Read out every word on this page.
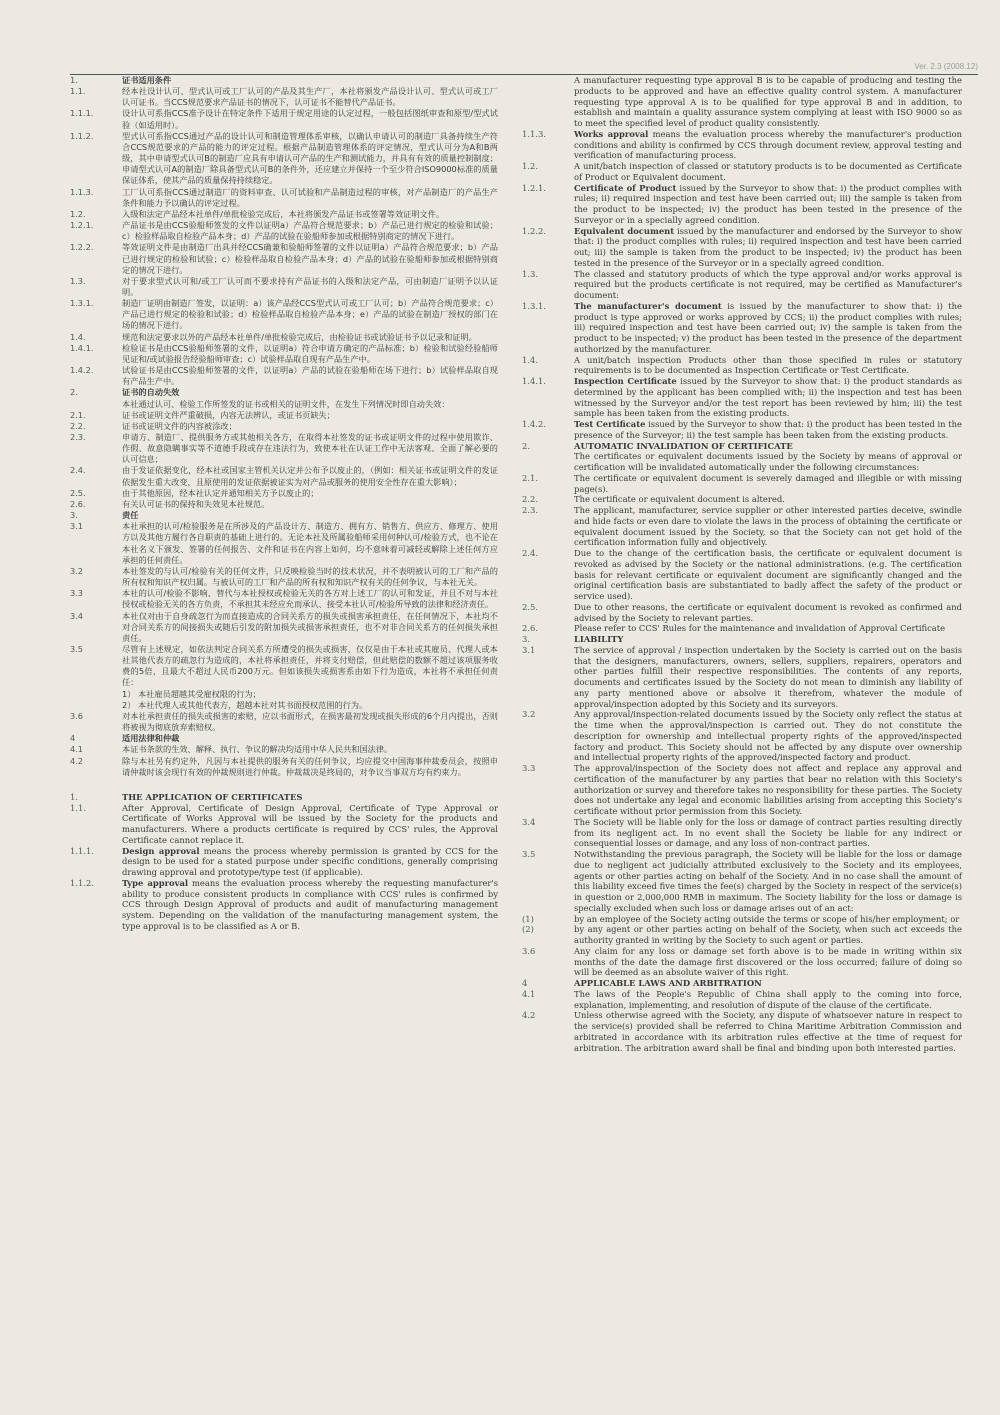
Ver. 2.3 (2008.12)
1.	证书适用条件
1.1.	经本社设计认可、型式认可或工厂认可的产品及其生产厂，本社将颁发产品设计认可、型式认可或工厂认可证书。当CCS规范要求产品证书的情况下，认可证书不能替代产品证书。
1.1.1.	设计认可系指CCS准予设计在特定条件下适用于规定用途的认定过程，一般包括图纸审查和原型/型式试验（如适用时）。
1.1.2.	型式认可系指CCS通过产品的设计认可和制造管理体系审核，以确认申请认可的制造厂具备持续生产符合CCS规范要求的产品的能力的评定过程。根据产品制造管理体系的评定情况，型式认可分为A和B两级，其中申请型式认可B的制造厂应具有申请认可产品的生产和测试能力，并具有有效的质量控制制度；申请型式认可A的制造厂除具备型式认可B的条件外，还应建立并保持一个至少符合ISO9000标准的质量保证体系，使其产品的质量保持持续稳定。
1.1.3.	工厂认可系指CCS通过制造厂的资料审查、认可试验和产品制造过程的审核，对产品制造厂的产品生产条件和能力予以确认的评定过程。
1.2.	入级和法定产品经本社单件/单批检验完成后，本社将颁发产品证书或签署等效证明文件。
1.2.1.	产品证书是由CCS验船师签发的文件以证明a）产品符合规范要求；b）产品已进行规定的检验和试验；c）检验样品取自检验产品本身；d）产品的试验在验船师参加或根据特别商定的情况下进行。
1.2.2.	等效证明文件是由制造厂出具并经CCS确兼和验船师签署的文件以证明a）产品符合规范要求；b）产品已进行规定的检验和试验；c）检验样品取自检验产品本身；d）产品的试验在验船师参加或根据特别商定的情况下进行。
1.3.	对于要求型式认可和/或工厂认可而不要求持有产品证书的入级和法定产品，可由制造厂证明予以认证明。
1.3.1.	制造厂证明由制造厂签发，以证明：a）该产品经CCS型式认可或工厂认可；b）产品符合规范要求；c）产品已进行规定的检验和试验；d）检验样品取自检验产品本身；e）产品的试验在制造厂授权的部门在场的情况下进行。
1.4.	规范和法定要求以外的产品经本社单件/单批检验完成后，由检验证书或试验证书予以记录和证明。
1.4.1.	检验证书是由CCS验船师签署的文件，以证明a）符合申请方确定的产品标准；b）检验和试验经验船师见证和/或试验报告经验船师审查；c）试验样品取自现有产品生产中。
1.4.2.	试验证书是由CCS验船师签署的文件，以证明a）产品的试验在验船师在场下进行；b）试验样品取自现有产品生产中。
2.	证书的自动失效
本社通过认可、检验工作所签发的证书或相关的证明文件，在发生下列情况时即自动失效：
2.1.	证书或证明文件严重破损，内容无法辨认，或证书页缺失；
2.2.	证书或证明文件的内容被涂改；
2.3.	申请方、制造厂、提供服务方或其他相关各方，在取得本社签发的证书或证明文件的过程中使用欺诈、作假、故意隐瞒事实等不道德手段或存在违法行为，致使本社在认证工作中无法客观、全面了解必要的认可信息；
2.4.	由于发证依据变化，经本社或国家主管机关认定并公布予以废止的，（例如：相关证书或证明文件的发证依据发生重大改变，且原使用的发证依据被证实为对产品或服务的使用安全性存在重大影响）；
2.5.	由于其他原因，经本社认定并通知相关方予以废止的；
2.6.	有关认可证书的保持和失效见本社规范。
3.	责任
3.1	本社承担的认可/检验服务是在所涉及的产品设计方、制造方、拥有方、销售方、供应方、修理方、使用方以及其他方履行各自职责的基础上进行的。无论本社及所属验船师采用何种认可/检验方式，也不论在本社名义下颁发、签署的任何报告、文件和证书在内容上如何，均不意味着可减轻或解除上述任何方应承担的任何责任。
3.2	本社签发的与认可/检验有关的任何文件，只反映检验当时的技术状况，并不表明被认可的工厂和产品的所有权和知识产权归属。与被认可的工厂和产品的所有权和知识产权有关的任何争议，与本社无关。
3.3	本社的认可/检验不影响、替代与本社授权或检验无关的各方对上述工厂的认可和发证，并且不对与本社授权或检验无关的各方负责，不承担其未经应允而承认、接受本社认可/检验所导致的法律和经济责任。
3.4	本社仅对由于自身疏忽行为而直接造成的合同关系方的损失或损害承担责任，在任何情况下，本社均不对合同关系方的间接损失或随后引发的附加损失或损害承担责任，也不对非合同关系方的任何损失承担责任。
3.5	尽管有上述规定，如依法判定合同关系方所遭受的损失或损害，仅仅是由于本社或其雇员、代理人或本社其他代表方的疏忽行为造成的，本社将承担责任，并将支付赔偿，但此赔偿的数额不超过该项服务收费的5倍，且最大不超过人民币200万元。但如该损失或损害系由如下行为造成，本社将不承担任何责任：
1） 本社雇员超越其受雇权限的行为；
2） 本社代理人或其他代表方，超越本社对其书面授权范围的行为。
3.6	对本社承担责任的损失或损害的索赔，应以书面形式，在损害最初发现或损失形成的6个月内提出，否则将被视为彻底放弃索赔权。
4	适用法律和仲裁
4.1	本证书条款的生效、解释、执行、争议的解决均适用中华人民共和国法律。
4.2	除与本社另有约定外，凡因与本社提供的服务有关的任何争议，均应提交中国海事仲裁委员会，按照申请仲裁时该会现行有效的仲裁规则进行仲裁。仲裁裁决是终局的，对争议当事双方均有约束力。
1.	THE APPLICATION OF CERTIFICATES
1.1.	After Approval, Certificate of Design Approval, Certificate of Type Approval or Certificate of Works Approval will be issued by the Society for the products and manufacturers. Where a products certificate is required by CCS' rules, the Approval Certificate cannot replace it.
1.1.1.	Design approval means the process whereby permission is granted by CCS for the design to be used for a stated purpose under specific conditions, generally comprising drawing approval and prototype/type test (if applicable).
1.1.2.	Type approval means the evaluation process whereby the requesting manufacturer's ability to produce consistent products in compliance with CCS' rules is confirmed by CCS through Design Approval of products and audit of manufacturing management system. Depending on the validation of the manufacturing management system, the type approval is to be classified as A or B.
A manufacturer requesting type approval B is to be capable of producing and testing the products to be approved and have an effective quality control system. A manufacturer requesting type approval A is to be qualified for type approval B and in addition, to establish and maintain a quality assurance system complying at least with ISO 9000 so as to meet the specified level of product quality consistently.
1.1.3.	Works approval means the evaluation process whereby the manufacturer's production conditions and ability is confirmed by CCS through document review, approval testing and verification of manufacturing process.
1.2.	A unit/batch inspection of classed or statutory products is to be documented as Certificate of Product or Equivalent document.
1.2.1.	Certificate of Product issued by the Surveyor to show that: i) the product complies with rules; ii) required inspection and test have been carried out; iii) the sample is taken from the product to be inspected; iv) the product has been tested in the presence of the Surveyor or in a specially agreed condition.
1.2.2.	Equivalent document issued by the manufacturer and endorsed by the Surveyor to show that: i) the product complies with rules; ii) required inspection and test have been carried out; iii) the sample is taken from the product to be inspected; iv) the product has been tested in the presence of the Surveyor or in a specially agreed condition.
1.3.	The classed and statutory products of which the type approval and/or works approval is required but the products certificate is not required, may be certified as Manufacturer's document:
1.3.1.	The manufacturer's document is issued by the manufacturer to show that: i) the product is type approved or works approved by CCS; ii) the product complies with rules; iii) required inspection and test have been carried out; iv) the sample is taken from the product to be inspected; v) the product has been tested in the presence of the department authorized by the manufacturer.
1.4.	A unit/batch inspection Products other than those specified in rules or statutory requirements is to be documented as Inspection Certificate or Test Certificate.
1.4.1.	Inspection Certificate issued by the Surveyor to show that: i) the product standards as determined by the applicant has been complied with; ii) the inspection and test has been witnessed by the Surveyor and/or the test report has been reviewed by him; iii) the test sample has been taken from the existing products.
1.4.2.	Test Certificate issued by the Surveyor to show that: i) the product has been tested in the presence of the Surveyor; ii) the test sample has been taken from the existing products.
2.	AUTOMATIC INVALIDATION OF CERTIFICATE
The certificates or equivalent documents issued by the Society by means of approval or certification will be invalidated automatically under the following circumstances:
2.1.	The certificate or equivalent document is severely damaged and illegible or with missing page(s).
2.2.	The certificate or equivalent document is altered.
2.3.	The applicant, manufacturer, service supplier or other interested parties deceive, swindle and hide facts or even dare to violate the laws in the process of obtaining the certificate or equivalent document issued by the Society, so that the Society can not get hold of the certification information fully and objectively.
2.4.	Due to the change of the certification basis, the certificate or equivalent document is revoked as advised by the Society or the national administrations. (e.g. The certification basis for relevant certificate or equivalent document are significantly changed and the original certification basis are substantiated to badly affect the safety of the product or service used).
2.5.	Due to other reasons, the certificate or equivalent document is revoked as confirmed and advised by the Society to relevant parties.
2.6.	Please refer to CCS' Rules for the maintenance and invalidation of Approval Certificate
3.	LIABILITY
3.1	The service of approval / inspection undertaken by the Society is carried out on the basis that the designers, manufacturers, owners, sellers, suppliers, repairers, operators and other parties fulfill their respective responsibilities. The contents of any reports, documents and certificates issued by the Society do not mean to diminish any liability of any party mentioned above or absolve it therefrom, whatever the module of approval/inspection adopted by this Society and its surveyors.
3.2	Any approval/inspection-related documents issued by the Society only reflect the status at the time when the approval/inspection is carried out. They do not constitute the description for ownership and intellectual property rights of the approved/inspected factory and product. This Society should not be affected by any dispute over ownership and intellectual property rights of the approved/inspected factory and product.
3.3	The approval/inspection of the Society does not affect and replace any approval and certification of the manufacturer by any parties that bear no relation with this Society's authorization or survey and therefore takes no responsibility for these parties. The Society does not undertake any legal and economic liabilities arising from accepting this Society's certificate without prior permission from this Society.
3.4	The Society will be liable only for the loss or damage of contract parties resulting directly from its negligent act. In no event shall the Society be liable for any indirect or consequential losses or damage, and any loss of non-contract parties.
3.5	Notwithstanding the previous paragraph, the Society will be liable for the loss or damage due to negligent act judicially attributed exclusively to the Society and its employees, agents or other parties acting on behalf of the Society. And in no case shall the amount of this liability exceed five times the fee(s) charged by the Society in respect of the service(s) in question or 2,000,000 RMB in maximum. The Society liability for the loss or damage is specially excluded when such loss or damage arises out of an act:
(1)	by an employee of the Society acting outside the terms or scope of his/her employment; or
(2)	by any agent or other parties acting on behalf of the Society, when such act exceeds the authority granted in writing by the Society to such agent or parties.
3.6	Any claim for any loss or damage set forth above is to be made in writing within six months of the date the damage first discovered or the loss occurred; failure of doing so will be deemed as an absolute waiver of this right.
4	APPLICABLE LAWS AND ARBITRATION
4.1	The laws of the People's Republic of China shall apply to the coming into force, explanation, implementing, and resolution of dispute of the clause of the certificate.
4.2	Unless otherwise agreed with the Society, any dispute of whatsoever nature in respect to the service(s) provided shall be referred to China Maritime Arbitration Commission and arbitrated in accordance with its arbitration rules effective at the time of request for arbitration. The arbitration award shall be final and binding upon both interested parties.
